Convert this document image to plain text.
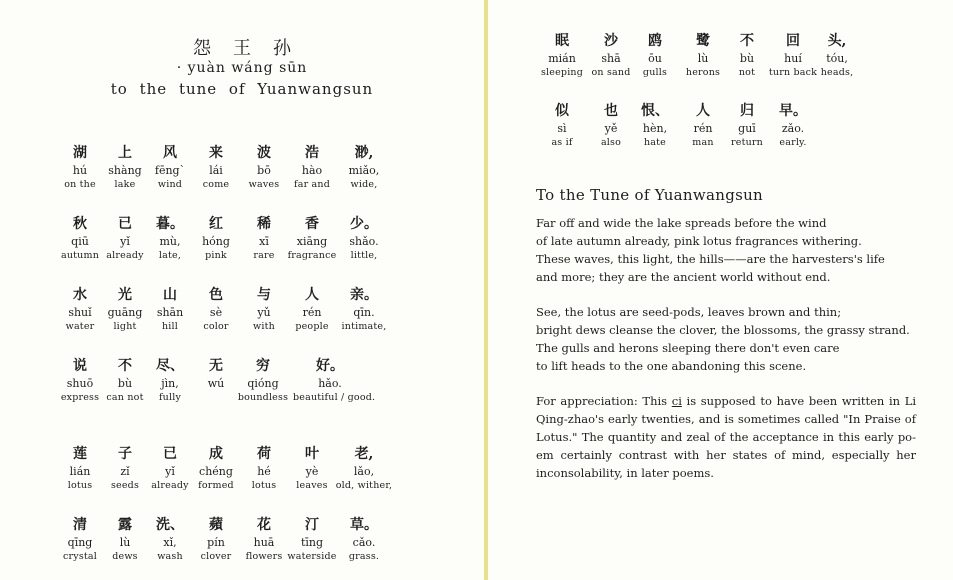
怨王孙
· yuàn wáng sūn
to the tune of Yuanwangsun
湖
hú
on the
上
shàng
lake
风
fēng`
wind
来
lái
come
波
bō
waves
浩
hào
far and
渺,
miǎo,
wide,
秋
qiū
autumn
已
yǐ
already
暮。
mù,
late,
红
hóng
pink
稀
xī
rare
香
xiāng
fragrance
少。
shǎo.
little,
水
shuǐ
water
光
guāng
light
山
shān
hill
色
sè
color
与
yǔ
with
人
rén
people
亲。
qīn.
intimate,
说
shuō
express
不
bù
can not
尽、
jìn,
fully
无
wú
穷
qióng
boundless
好。
hǎo.
beautiful / good.
莲
lián
lotus
子
zǐ
seeds
已
yǐ
already
成
chéng
formed
荷
hé
lotus
叶
yè
leaves
老,
lǎo,
old, wither,
清
qīng
crystal
露
lù
dews
洗、
xǐ,
wash
蘋
pín
clover
花
huā
flowers
汀
tīng
waterside
草。
cǎo.
grass.
眠
mián
sleeping
沙
shā
on sand
鸥
ōu
gulls
鹭
lù
herons
不
bù
not
回
huí
turn back
头,
tóu,
heads,
似
sì
as if
也
yě
also
恨、
hèn,
hate
人
rén
man
归
guī
return
早。
zǎo.
early.
To the Tune of Yuanwangsun
Far off and wide the lake spreads before the wind
of late autumn already, pink lotus fragrances withering.
These waves, this light, the hills——are the harvesters's life
and more; they are the ancient world without end.
See, the lotus are seed-pods, leaves brown and thin;
bright dews cleanse the clover, the blossoms, the grassy strand.
The gulls and herons sleeping there don't even care
to lift heads to the one abandoning this scene.
For appreciation: This ci is supposed to have been written in Li
Qing-zhao's early twenties, and is sometimes called "In Praise of
Lotus." The quantity and zeal of the acceptance in this early po-
em certainly contrast with her states of mind, especially her
inconsolability, in later poems.
